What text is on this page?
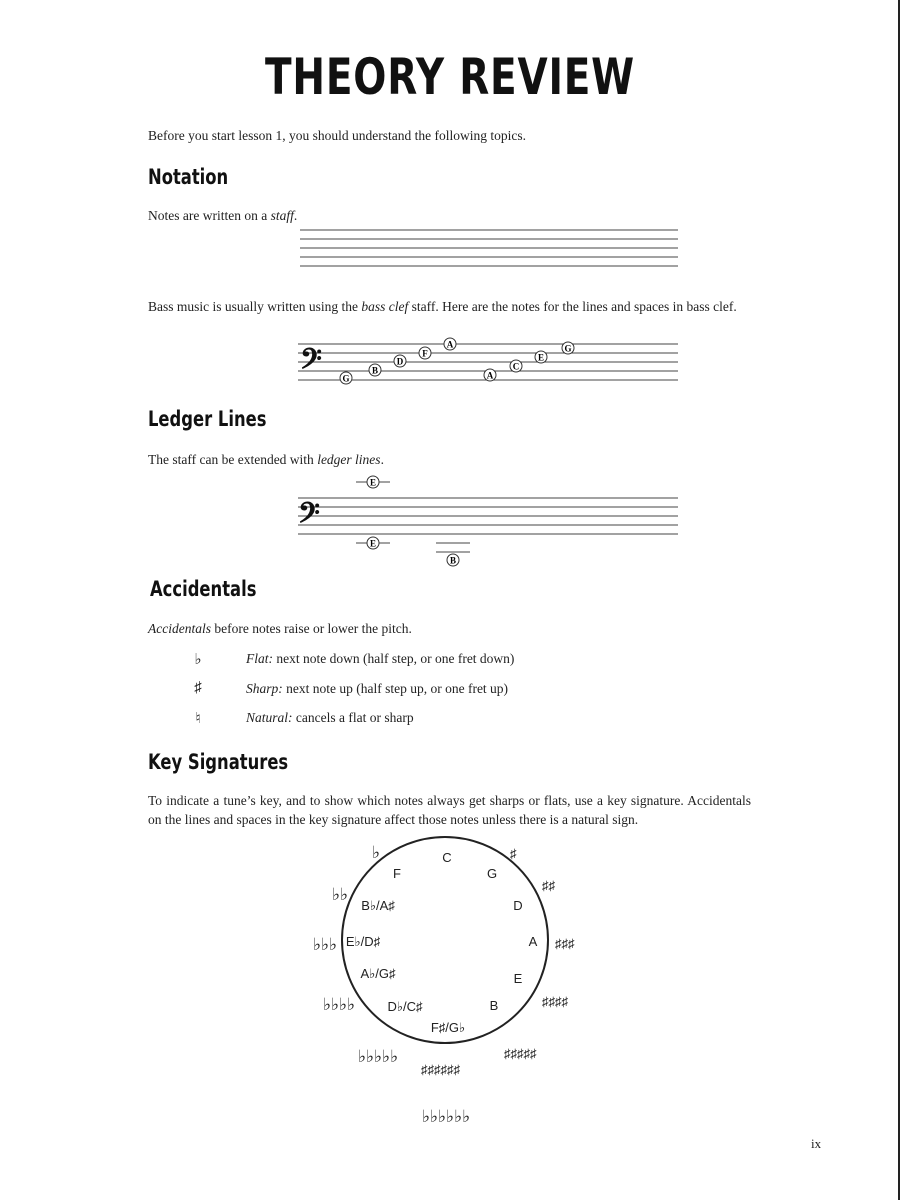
THEORY REVIEW
Before you start lesson 1, you should understand the following topics.
Notation
Notes are written on a staff.
Bass music is usually written using the bass clef staff. Here are the notes for the lines and spaces in bass clef.
𝄢 G
B
D
F
A
A
C
E
G
Ledger Lines
The staff can be extended with ledger lines.
𝄢
E
E
B
Accidentals
Accidentals before notes raise or lower the pitch.
♭	Flat: next note down (half step, or one fret down)
♯	Sharp: next note up (half step up, or one fret up)
♮	Natural: cancels a flat or sharp
Key Signatures
To indicate a tune’s key, and to show which notes always get sharps or flats, use a key signature. Accidentals on the lines and spaces in the key signature affect those notes unless there is a natural sign.
C
G
D
A
E
B
F♯/G♭
D♭/C♯
A♭/G♯
E♭/D♯
B♭/A♯
F
♭
♭♭
♭♭♭
♭♭♭♭
♭♭♭♭♭
♭♭♭♭♭♭
♯
♯♯
♯♯♯
♯♯♯♯
♯♯♯♯♯
♯♯♯♯♯♯
ix
